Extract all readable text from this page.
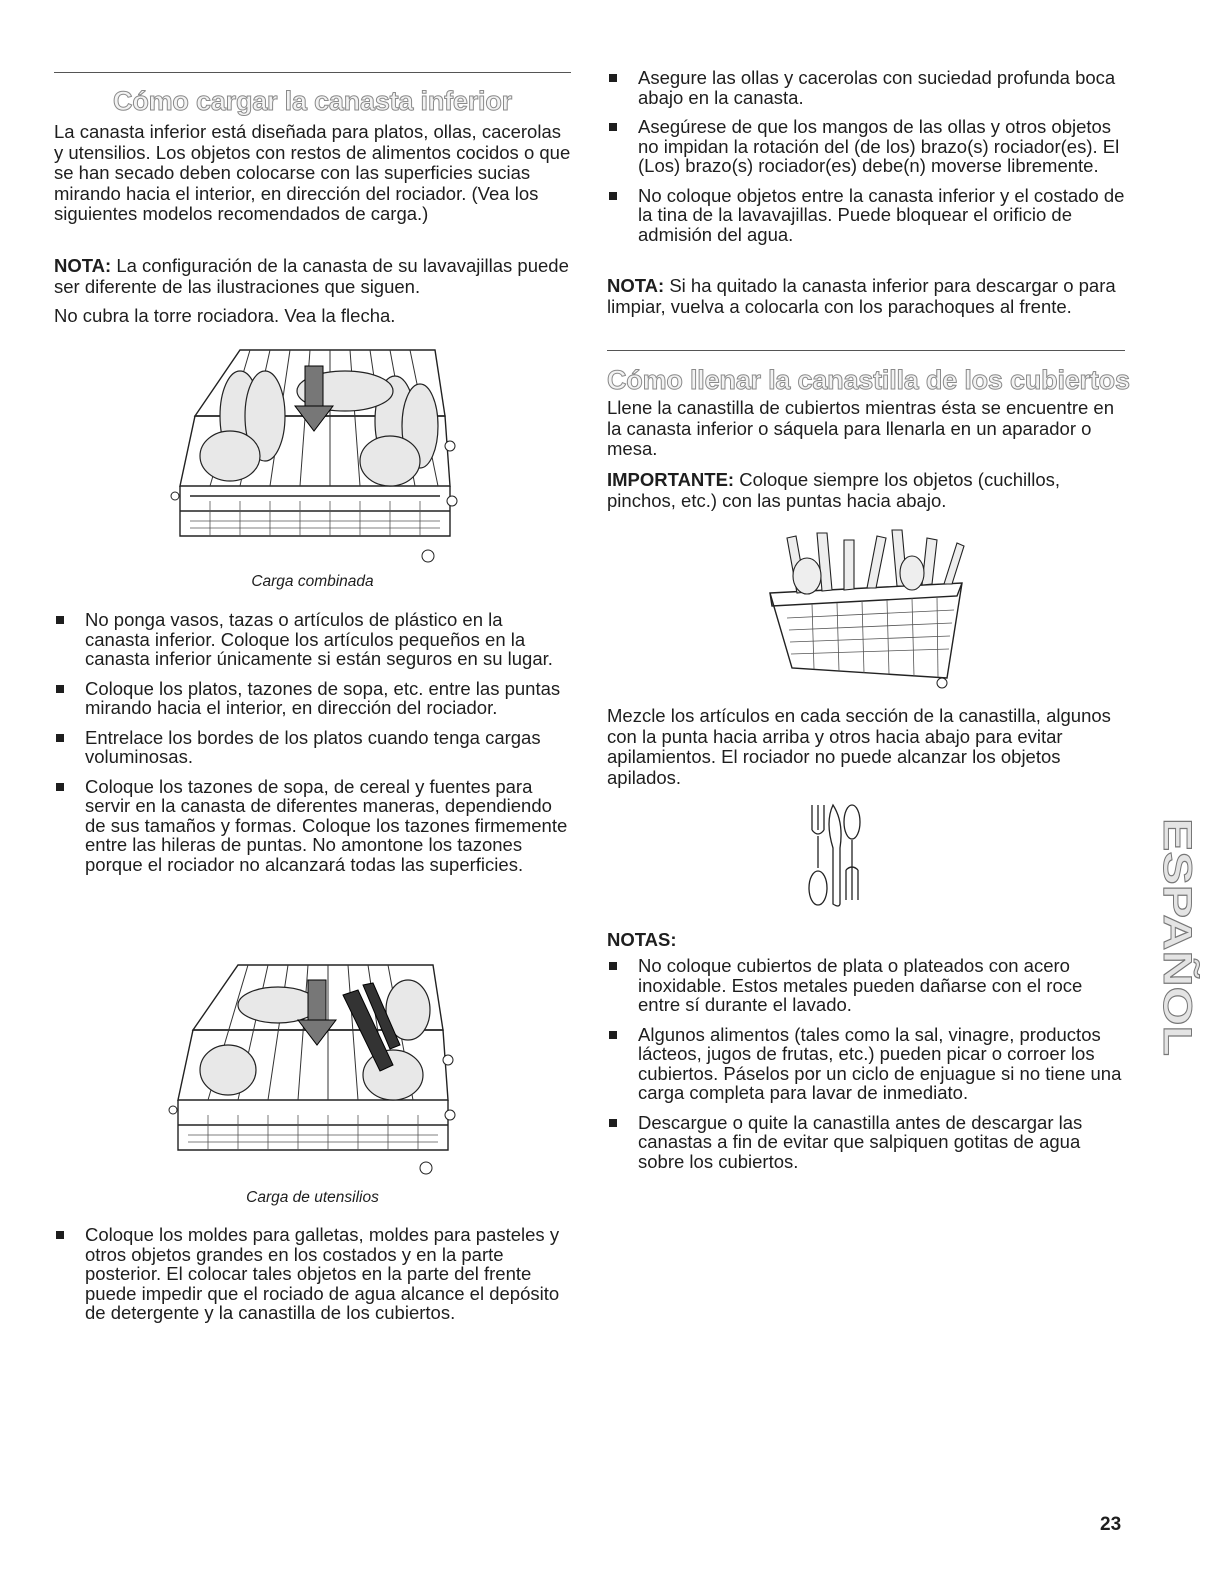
Cómo cargar la canasta inferior

La canasta inferior está diseñada para platos, ollas, cacerolas y utensilios. Los objetos con restos de alimentos cocidos o que se han secado deben colocarse con las superficies sucias mirando hacia el interior, en dirección del rociador. (Vea los siguientes modelos recomendados de carga.)

NOTA: La configuración de la canasta de su lavavajillas puede ser diferente de las ilustraciones que siguen.

No cubra la torre rociadora. Vea la flecha.

Carga combinada
No ponga vasos, tazas o artículos de plástico en la canasta inferior. Coloque los artículos pequeños en la canasta inferior únicamente si están seguros en su lugar.
Coloque los platos, tazones de sopa, etc. entre las puntas mirando hacia el interior, en dirección del rociador.
Entrelace los bordes de los platos cuando tenga cargas voluminosas.
Coloque los tazones de sopa, de cereal y fuentes para servir en la canasta de diferentes maneras, dependiendo de sus tamaños y formas. Coloque los tazones firmemente entre las hileras de puntas. No amontone los tazones porque el rociador no alcanzará todas las superficies.
Carga de utensilios
Coloque los moldes para galletas, moldes para pasteles y otros objetos grandes en los costados y en la parte posterior. El colocar tales objetos en la parte del frente puede impedir que el rociado de agua alcance el depósito de detergente y la canastilla de los cubiertos.
Asegure las ollas y cacerolas con suciedad profunda boca abajo en la canasta.
Asegúrese de que los mangos de las ollas y otros objetos no impidan la rotación del (de los) brazo(s) rociador(es). El (Los) brazo(s) rociador(es) debe(n) moverse libremente.
No coloque objetos entre la canasta inferior y el costado de la tina de la lavavajillas. Puede bloquear el orificio de admisión del agua.

NOTA: Si ha quitado la canasta inferior para descargar o para limpiar, vuelva a colocarla con los parachoques al frente.

Cómo llenar la canastilla de los cubiertos

Llene la canastilla de cubiertos mientras ésta se encuentre en la canasta inferior o sáquela para llenarla en un aparador o mesa.

IMPORTANTE: Coloque siempre los objetos (cuchillos, pinchos, etc.) con las puntas hacia abajo.

Mezcle los artículos en cada sección de la canastilla, algunos con la punta hacia arriba y otros hacia abajo para evitar apilamientos. El rociador no puede alcanzar los objetos apilados.

NOTAS:
No coloque cubiertos de plata o plateados con acero inoxidable. Estos metales pueden dañarse con el roce entre sí durante el lavado.
Algunos alimentos (tales como la sal, vinagre, productos lácteos, jugos de frutas, etc.) pueden picar o corroer los cubiertos. Páselos por un ciclo de enjuague si no tiene una carga completa para lavar de inmediato.
Descargue o quite la canastilla antes de descargar las canastas a fin de evitar que salpiquen gotitas de agua sobre los cubiertos.
ESPAÑOL
23
